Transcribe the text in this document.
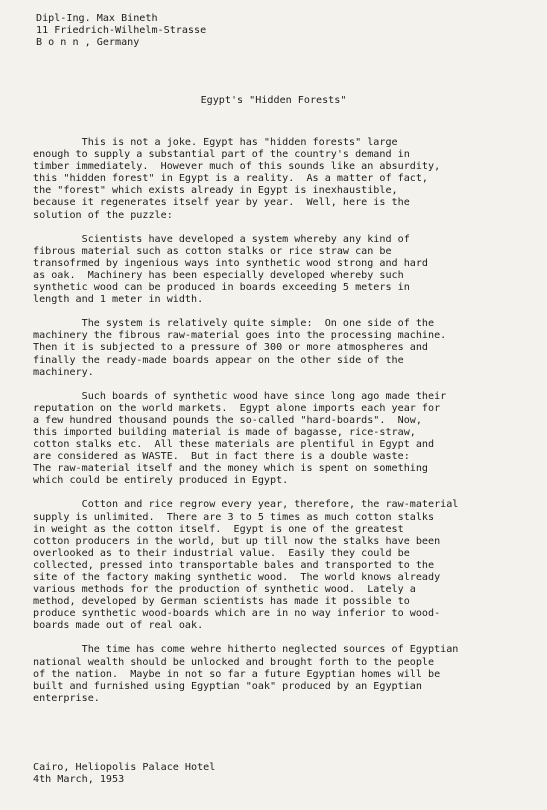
Dipl-Ing. Max Bineth
11 Friedrich-Wilhelm-Strasse
B o n n , Germany
Egypt's "Hidden Forests"
This is not a joke. Egypt has "hidden forests" large
enough to supply a substantial part of the country's demand in
timber immediately.  However much of this sounds like an absurdity,
this "hidden forest" in Egypt is a reality.  As a matter of fact,
the "forest" which exists already in Egypt is inexhaustible,
because it regenerates itself year by year.  Well, here is the
solution of the puzzle:
Scientists have developed a system whereby any kind of
fibrous material such as cotton stalks or rice straw can be
transofrmed by ingenious ways into synthetic wood strong and hard
as oak.  Machinery has been especially developed whereby such
synthetic wood can be produced in boards exceeding 5 meters in
length and 1 meter in width.
The system is relatively quite simple:  On one side of the
machinery the fibrous raw-material goes into the processing machine.
Then it is subjected to a pressure of 300 or more atmospheres and
finally the ready-made boards appear on the other side of the
machinery.
Such boards of synthetic wood have since long ago made their
reputation on the world markets.  Egypt alone imports each year for
a few hundred thousand pounds the so-called "hard-boards".  Now,
this imported building material is made of bagasse, rice-straw,
cotton stalks etc.  All these materials are plentiful in Egypt and
are considered as WASTE.  But in fact there is a double waste:
The raw-material itself and the money which is spent on something
which could be entirely produced in Egypt.
Cotton and rice regrow every year, therefore, the raw-material
supply is unlimited.  There are 3 to 5 times as much cotton stalks
in weight as the cotton itself.  Egypt is one of the greatest
cotton producers in the world, but up till now the stalks have been
overlooked as to their industrial value.  Easily they could be
collected, pressed into transportable bales and transported to the
site of the factory making synthetic wood.  The world knows already
various methods for the production of synthetic wood.  Lately a
method, developed by German scientists has made it possible to
produce synthetic wood-boards which are in no way inferior to wood-
boards made out of real oak.
The time has come wehre hitherto neglected sources of Egyptian
national wealth should be unlocked and brought forth to the people
of the nation.  Maybe in not so far a future Egyptian homes will be
built and furnished using Egyptian "oak" produced by an Egyptian
enterprise.
Cairo, Heliopolis Palace Hotel
4th March, 1953
